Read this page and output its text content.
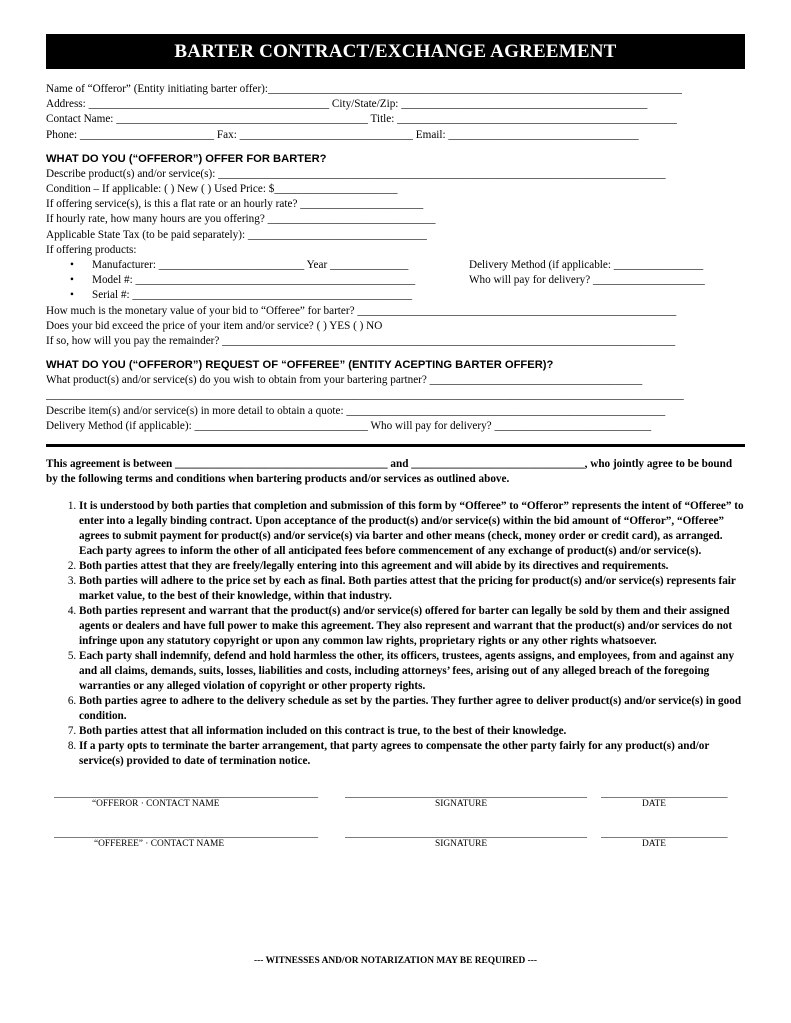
BARTER CONTRACT/EXCHANGE AGREEMENT
Name of “Offeror” (Entity initiating barter offer):__________________________________________________________________________
Address: ___________________________________________ City/State/Zip: ____________________________________________
Contact Name: _____________________________________________ Title: __________________________________________________
Phone: ________________________ Fax: _______________________________ Email: __________________________________
WHAT DO YOU (“OFFEROR”) OFFER FOR BARTER?
Describe product(s) and/or service(s): ________________________________________________________________________________
Condition – If applicable: ( ) New ( ) Used Price: $______________________
If offering service(s), is this a flat rate or an hourly rate? ______________________
If hourly rate, how many hours are you offering? ______________________________
Applicable State Tax (to be paid separately): ________________________________
If offering products:
• Manufacturer: __________________________ Year ______________	Delivery Method (if applicable: ________________
• Model #: __________________________________________________	Who will pay for delivery? ____________________
• Serial #: __________________________________________________
How much is the monetary value of your bid to “Offeree” for barter? _________________________________________________________
Does your bid exceed the price of your item and/or service? ( ) YES ( ) NO
If so, how will you pay the remainder? _________________________________________________________________________________
WHAT DO YOU (“OFFEROR”) REQUEST OF “OFFEREE” (ENTITY ACEPTING BARTER OFFER)?
What product(s) and/or service(s) do you wish to obtain from your bartering partner? ______________________________________
__________________________________________________________________________________________________________________
Describe item(s) and/or service(s) in more detail to obtain a quote: _________________________________________________________
Delivery Method (if applicable): _______________________________ Who will pay for delivery? ____________________________
This agreement is between ______________________________________ and _______________________________, who jointly agree to be bound by the following terms and conditions when bartering products and/or services as outlined above.
1. It is understood by both parties that completion and submission of this form by “Offeree” to “Offeror” represents the intent of “Offeree” to enter into a legally binding contract. Upon acceptance of the product(s) and/or service(s) within the bid amount of “Offeror”, “Offeree” agrees to submit payment for product(s) and/or service(s) via barter and other means (check, money order or credit card), as arranged. Each party agrees to inform the other of all anticipated fees before commencement of any exchange of product(s) and/or service(s).
2. Both parties attest that they are freely/legally entering into this agreement and will abide by its directives and requirements.
3. Both parties will adhere to the price set by each as final. Both parties attest that the pricing for product(s) and/or service(s) represents fair market value, to the best of their knowledge, within that industry.
4. Both parties represent and warrant that the product(s) and/or service(s) offered for barter can legally be sold by them and their assigned agents or dealers and have full power to make this agreement. They also represent and warrant that the product(s) and/or services do not infringe upon any statutory copyright or upon any common law rights, proprietary rights or any other rights whatsoever.
5. Each party shall indemnify, defend and hold harmless the other, its officers, trustees, agents assigns, and employees, from and against any and all claims, demands, suits, losses, liabilities and costs, including attorneys’ fees, arising out of any alleged breach of the foregoing warranties or any alleged violation of copyright or other property rights.
6. Both parties agree to adhere to the delivery schedule as set by the parties. They further agree to deliver product(s) and/or service(s) in good condition.
7. Both parties attest that all information included on this contract is true, to the best of their knowledge.
8. If a party opts to terminate the barter arrangement, that party agrees to compensate the other party fairly for any product(s) and/or service(s) provided to date of termination notice.
________________________________________________	____________________________________________ _______________________
“OFFEROR · CONTACT NAME	SIGNATURE	DATE
________________________________________________	____________________________________________ _______________________
“OFFEREE” · CONTACT NAME	SIGNATURE	DATE
--- WITNESSES AND/OR NOTARIZATION MAY BE REQUIRED ---
